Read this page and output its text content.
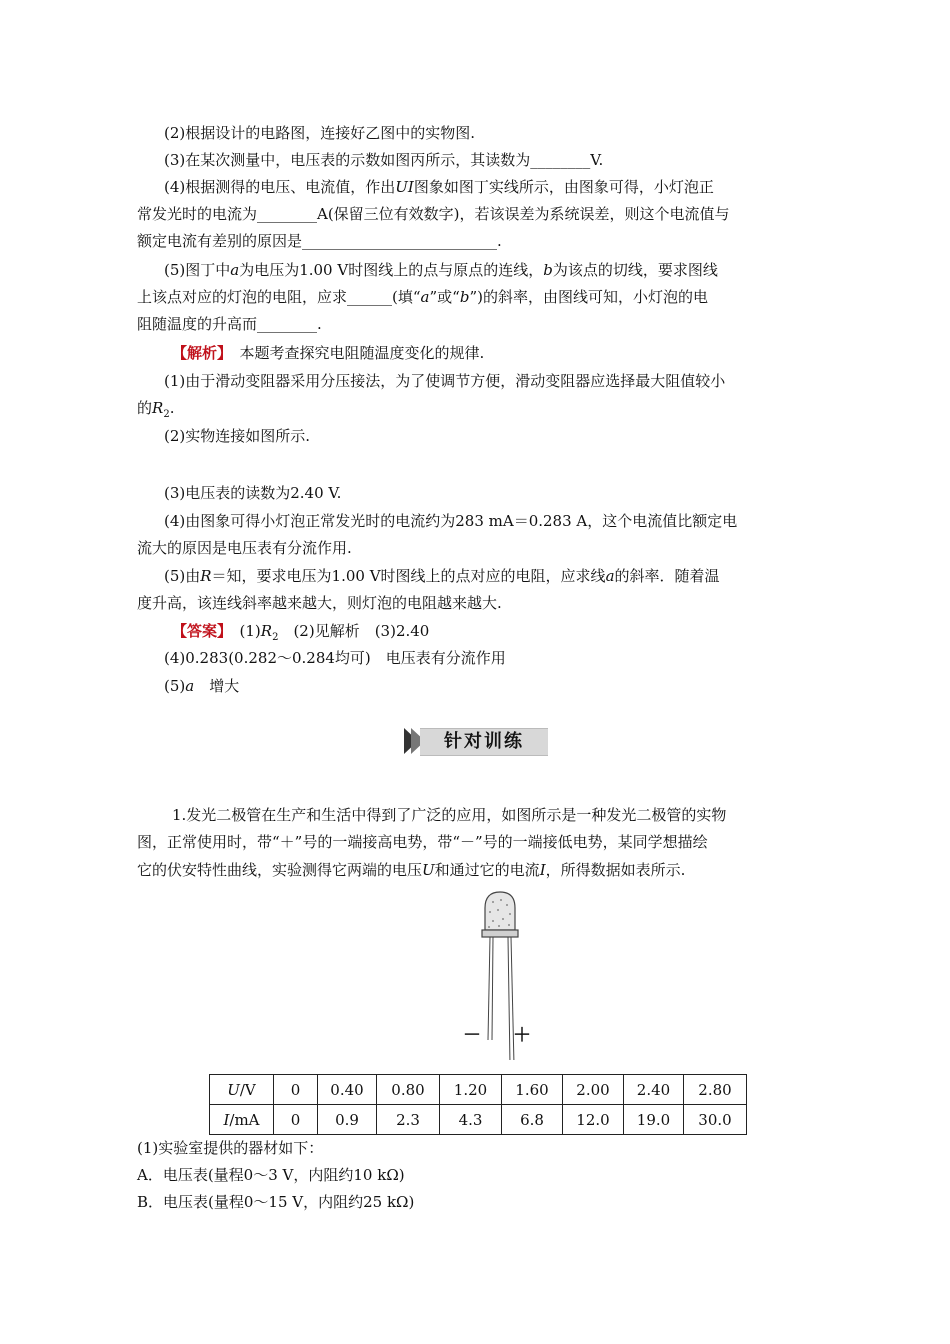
(2)根据设计的电路图，连接好乙图中的实物图.
(3)在某次测量中，电压表的示数如图丙所示，其读数为________V.
(4)根据测得的电压、电流值，作出UI图象如图丁实线所示，由图象可得，小灯泡正
常发光时的电流为________A(保留三位有效数字)，若该误差为系统误差，则这个电流值与
额定电流有差别的原因是__________________________.
(5)图丁中a为电压为1.00 V时图线上的点与原点的连线，b为该点的切线，要求图线
上该点对应的灯泡的电阻，应求______(填“a”或“b”)的斜率，由图线可知，小灯泡的电
阻随温度的升高而________.
【解析】　 本题考查探究电阻随温度变化的规律.
(1)由于滑动变阻器采用分压接法，为了使调节方便，滑动变阻器应选择最大阻值较小
的$R_2$.
(2)实物连接如图所示.
(3)电压表的读数为2.40 V.
(4)由图象可得小灯泡正常发光时的电流约为283 mA＝0.283 A，这个电流值比额定电
流大的原因是电压表有分流作用.
(5)由R＝知，要求电压为1.00 V时图线上的点对应的电阻，应求线a的斜率．随着温
度升高，该连线斜率越来越大，则灯泡的电阻越来越大.
【答案】　 $(1)R_2$　(2)见解析　(3)2.40
(4)0.283(0.282～0.284均可)　电压表有分流作用
(5)a　增大
针对训练
1.发光二极管在生产和生活中得到了广泛的应用，如图所示是一种发光二极管的实物
图，正常使用时，带“＋”号的一端接高电势，带“－”号的一端接低电势，某同学想描绘
它的伏安特性曲线，实验测得它两端的电压U和通过它的电流I，所得数据如表所示.
－ ＋
U/V	0	0.40	0.80	1.20	1.60	2.00	2.40	2.80
I/mA	0	0.9	2.3	4.3	6.8	12.0	19.0	30.0
(1)实验室提供的器材如下：
A．电压表(量程0～3 V，内阻约10 kΩ)
B．电压表(量程0～15 V，内阻约25 kΩ)
